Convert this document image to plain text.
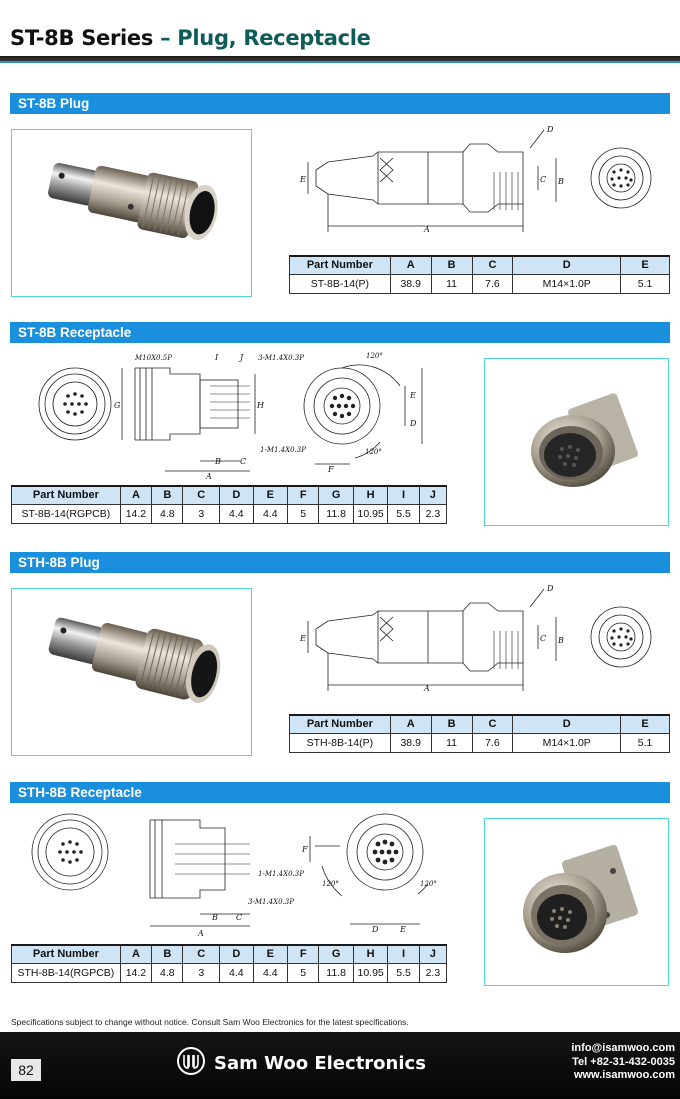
ST-8B Series – Plug, Receptacle
ST-8B Plug
A
B
C
D
E
Part Number	A	B	C	D	E
ST-8B-14(P)	38.9	11	7.6	M14×1.0P	5.1
ST-8B Receptacle
M10X0.5P	3-M1.4X0.3P
1-M1.4X0.3P
120°
120°
A
B C
D
E
F
G	H
I	J
Part Number	A	B	C	D	E	F	G	H	I	J
ST-8B-14(RGPCB)	14.2	4.8	3	4.4	4.4	5	11.8	10.95	5.5	2.3
STH-8B Plug
A
B
C
D
E
Part Number	A	B	C	D	E
STH-8B-14(P)	38.9	11	7.6	M14×1.0P	5.1
STH-8B Receptacle
1-M1.4X0.3P
3-M1.4X0.3P
120°	120°
A
B C
D	E
F
Part Number	A	B	C	D	E	F	G	H	I	J
STH-8B-14(RGPCB)	14.2	4.8	3	4.4	4.4	5	11.8	10.95	5.5	2.3
Specifications subject to change without notice. Consult Sam Woo Electronics for the latest specifications.
82	Sam Woo Electronics
info@isamwoo.com
Tel +82-31-432-0035
www.isamwoo.com
